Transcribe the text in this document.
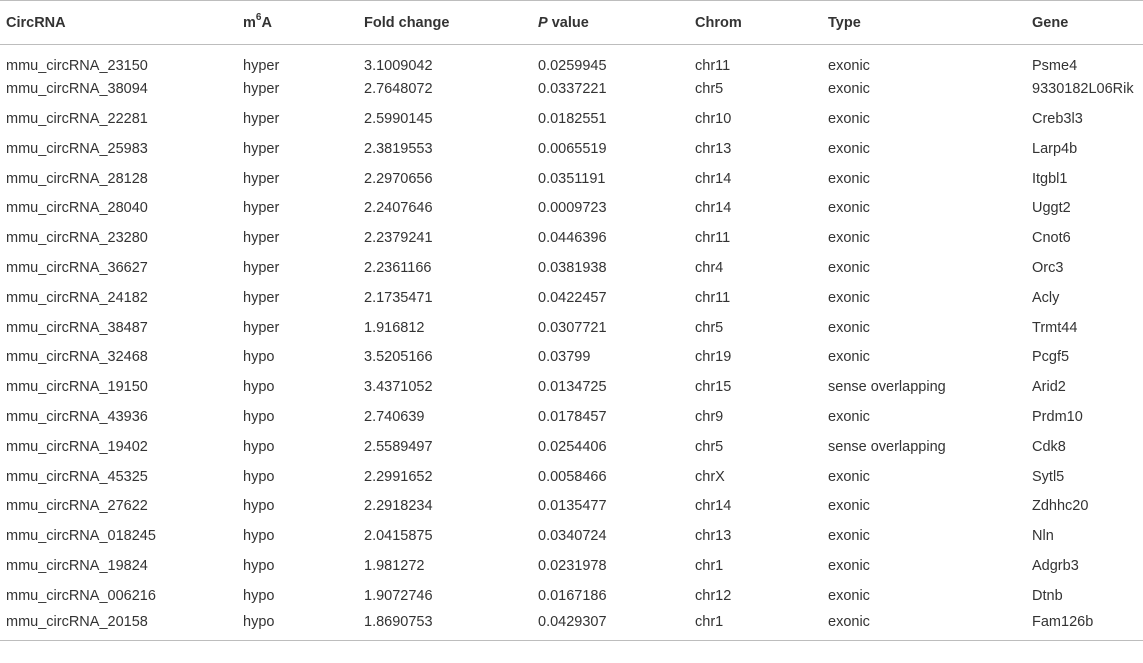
CircRNA	$m^6A$	Fold change	P value	Chrom	Type	Gene
mmu_circRNA_23150	hyper	3.1009042	0.0259945	chr11	exonic	Psme4
mmu_circRNA_38094	hyper	2.7648072	0.0337221	chr5	exonic	9330182L06Rik
mmu_circRNA_22281	hyper	2.5990145	0.0182551	chr10	exonic	Creb3l3
mmu_circRNA_25983	hyper	2.3819553	0.0065519	chr13	exonic	Larp4b
mmu_circRNA_28128	hyper	2.2970656	0.0351191	chr14	exonic	Itgbl1
mmu_circRNA_28040	hyper	2.2407646	0.0009723	chr14	exonic	Uggt2
mmu_circRNA_23280	hyper	2.2379241	0.0446396	chr11	exonic	Cnot6
mmu_circRNA_36627	hyper	2.2361166	0.0381938	chr4	exonic	Orc3
mmu_circRNA_24182	hyper	2.1735471	0.0422457	chr11	exonic	Acly
mmu_circRNA_38487	hyper	1.916812	0.0307721	chr5	exonic	Trmt44
mmu_circRNA_32468	hypo	3.5205166	0.03799	chr19	exonic	Pcgf5
mmu_circRNA_19150	hypo	3.4371052	0.0134725	chr15	sense overlapping	Arid2
mmu_circRNA_43936	hypo	2.740639	0.0178457	chr9	exonic	Prdm10
mmu_circRNA_19402	hypo	2.5589497	0.0254406	chr5	sense overlapping	Cdk8
mmu_circRNA_45325	hypo	2.2991652	0.0058466	chrX	exonic	Sytl5
mmu_circRNA_27622	hypo	2.2918234	0.0135477	chr14	exonic	Zdhhc20
mmu_circRNA_018245	hypo	2.0415875	0.0340724	chr13	exonic	Nln
mmu_circRNA_19824	hypo	1.981272	0.0231978	chr1	exonic	Adgrb3
mmu_circRNA_006216	hypo	1.9072746	0.0167186	chr12	exonic	Dtnb
mmu_circRNA_20158	hypo	1.8690753	0.0429307	chr1	exonic	Fam126b
